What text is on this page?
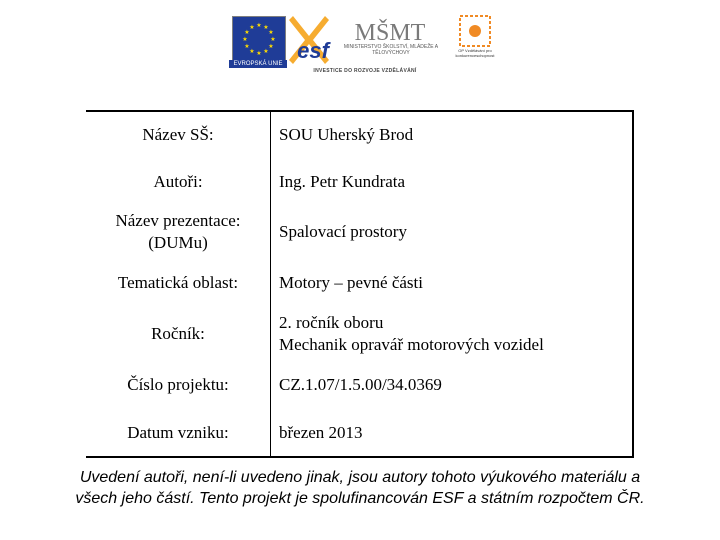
★ ★
★
★
★
★
★
★
★
★
★
★
EVROPSKÁ UNIE
esf
MŠMT
MINISTERSTVO ŠKOLSTVÍ, MLÁDEŽE A TĚLOVÝCHOVY	OP Vzdělávání pro konkurenceschopnost
INVESTICE DO ROZVOJE VZDĚLÁVÁNÍ
Název SŠ:	SOU Uherský Brod
Autoři:	Ing. Petr Kundrata

Název prezentace:
(DUMu)	Spalovací prostory
Tematická oblast:	Motory – pevné části
Ročník:	2. ročník oboru
Mechanik opravář motorových vozidel

Číslo projektu:	CZ.1.07/1.5.00/34.0369
Datum vzniku:	březen 2013
Uvedení autoři, není-li uvedeno jinak, jsou autory tohoto výukového materiálu a
všech jeho částí. Tento projekt je spolufinancován ESF a státním rozpočtem ČR.
